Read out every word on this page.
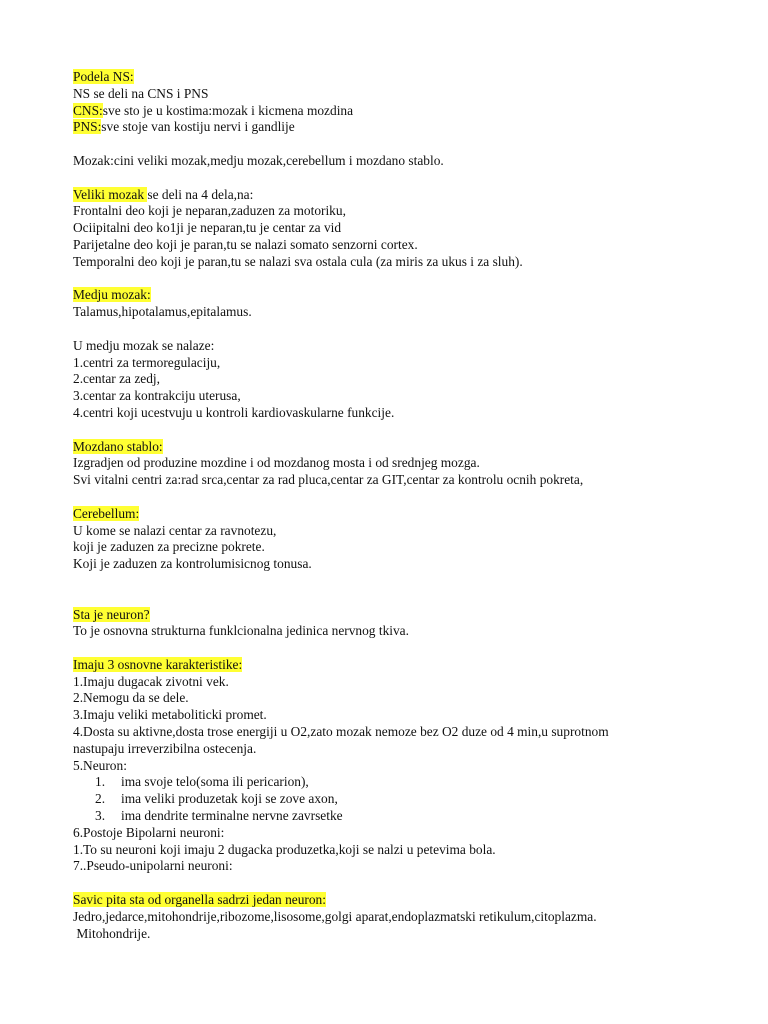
Podela NS:
NS se deli na CNS i PNS
CNS:sve sto je u kostima:mozak i kicmena mozdina
PNS:sve stoje van kostiju nervi i gandlije
Mozak:cini veliki mozak,medju mozak,cerebellum i mozdano stablo.
Veliki mozak se deli na 4 dela,na:
Frontalni deo koji je neparan,zaduzen za motoriku,
Ociipitalni deo ko1ji je neparan,tu je centar za vid
Parijetalne deo koji je paran,tu se nalazi somato senzorni cortex.
Temporalni deo koji je paran,tu se nalazi sva ostala cula (za miris za ukus i za sluh).
Medju mozak:
Talamus,hipotalamus,epitalamus.
U medju mozak se nalaze:
1.centri za termoregulaciju,
2.centar za zedj,
3.centar za kontrakciju uterusa,
4.centri koji ucestvuju u kontroli kardiovaskularne funkcije.
Mozdano stablo:
Izgradjen od produzine mozdine i od mozdanog mosta i od srednjeg mozga.
Svi vitalni centri za:rad srca,centar za rad pluca,centar za GIT,centar za kontrolu ocnih pokreta,
Cerebellum:
U kome se nalazi centar za ravnotezu,
koji je zaduzen za precizne pokrete.
Koji je zaduzen za kontrolumisicnog tonusa.
Sta je neuron?
To je osnovna strukturna funklcionalna jedinica nervnog tkiva.
Imaju 3 osnovne karakteristike:
1.Imaju dugacak zivotni vek.
2.Nemogu da se dele.
3.Imaju veliki metaboliticki promet.
4.Dosta su aktivne,dosta trose energiji u O2,zato mozak nemoze bez O2 duze od 4 min,u suprotnom
nastupaju irreverzibilna ostecenja.
5.Neuron:
1. ima svoje telo(soma ili pericarion),
2. ima veliki produzetak koji se zove axon,
3. ima dendrite terminalne nervne zavrsetke
6.Postoje Bipolarni neuroni:
1.To su neuroni koji imaju 2 dugacka produzetka,koji se nalzi u petevima bola.
7..Pseudo-unipolarni neuroni:
Savic pita sta od organella sadrzi jedan neuron:
Jedro,jedarce,mitohondrije,ribozome,lisosome,golgi aparat,endoplazmatski retikulum,citoplazma.
Mitohondrije.
